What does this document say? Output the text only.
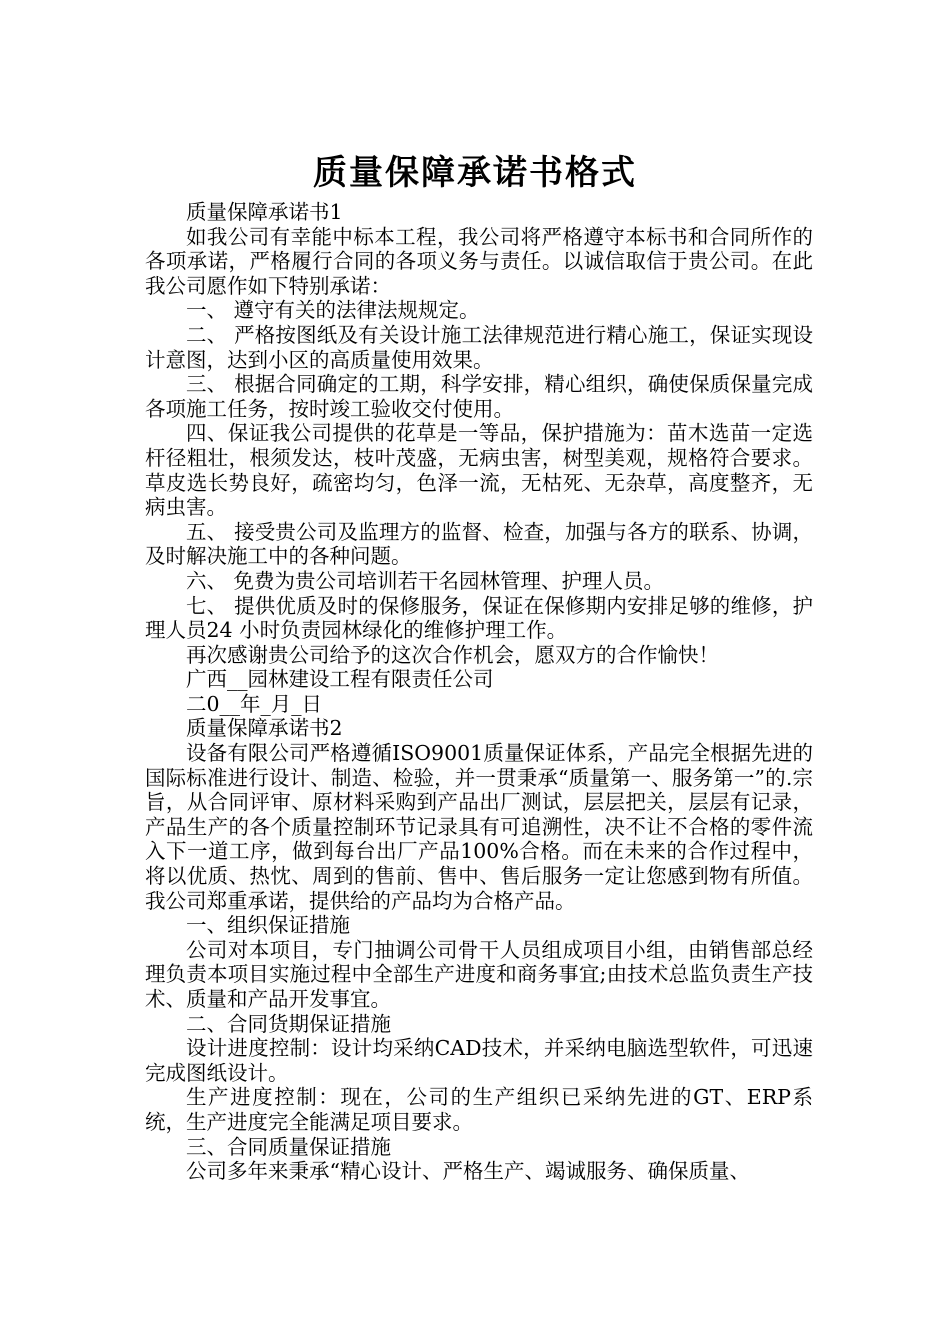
质量保障承诺书格式

质量保障承诺书1

如我公司有幸能中标本工程，我公司将严格遵守本标书和合同所作的各项承诺，严格履行合同的各项义务与责任。以诚信取信于贵公司。在此我公司愿作如下特别承诺：

一、 遵守有关的法律法规规定。

二、 严格按图纸及有关设计施工法律规范进行精心施工，保证实现设计意图，达到小区的高质量使用效果。

三、 根据合同确定的工期，科学安排，精心组织，确使保质保量完成各项施工任务，按时竣工验收交付使用。

四、保证我公司提供的花草是一等品，保护措施为：苗木选苗一定选杆径粗壮，根须发达，枝叶茂盛，无病虫害，树型美观，规格符合要求。草皮选长势良好，疏密均匀，色泽一流，无枯死、无杂草，高度整齐，无病虫害。

五、 接受贵公司及监理方的监督、检查，加强与各方的联系、协调，及时解决施工中的各种问题。

六、 免费为贵公司培训若干名园林管理、护理人员。

七、 提供优质及时的保修服务，保证在保修期内安排足够的维修，护理人员24 小时负责园林绿化的维修护理工作。

再次感谢贵公司给予的这次合作机会，愿双方的合作愉快！

广西__园林建设工程有限责任公司

二0__年_月_日

质量保障承诺书2

设备有限公司严格遵循ISO9001质量保证体系，产品完全根据先进的国际标准进行设计、制造、检验，并一贯秉承“质量第一、服务第一”的.宗旨，从合同评审、原材料采购到产品出厂测试，层层把关，层层有记录，产品生产的各个质量控制环节记录具有可追溯性，决不让不合格的零件流入下一道工序，做到每台出厂产品100%合格。而在未来的合作过程中，将以优质、热忱、周到的售前、售中、售后服务一定让您感到物有所值。我公司郑重承诺，提供给的产品均为合格产品。

一、组织保证措施

公司对本项目，专门抽调公司骨干人员组成项目小组，由销售部总经理负责本项目实施过程中全部生产进度和商务事宜;由技术总监负责生产技术、质量和产品开发事宜。

二、合同货期保证措施

设计进度控制：设计均采纳CAD技术，并采纳电脑选型软件，可迅速完成图纸设计。

生产进度控制：现在，公司的生产组织已采纳先进的GT、ERP系统，生产进度完全能满足项目要求。

三、合同质量保证措施

公司多年来秉承“精心设计、严格生产、竭诚服务、确保质量、
